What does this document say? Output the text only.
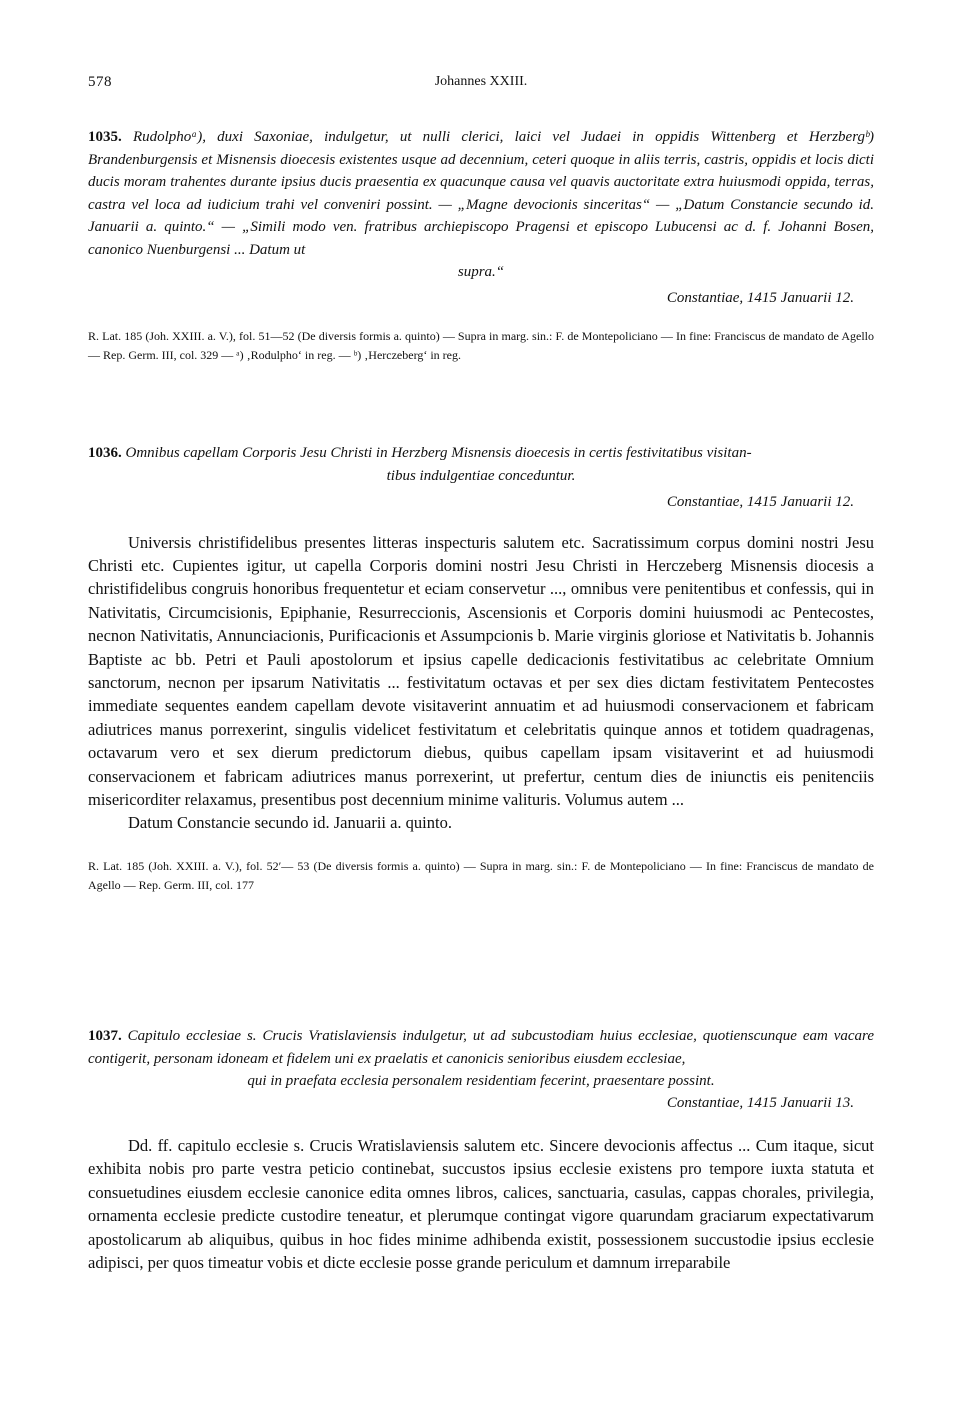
578	Johannes XXIII.

1035. Rudolphoᵃ), duxi Saxoniae, indulgetur, ut nulli clerici, laici vel Judaei in oppidis Wittenberg et Herzbergᵇ) Brandenburgensis et Misnensis dioecesis existentes usque ad decennium, ceteri quoque in aliis terris, castris, oppidis et locis dicti ducis moram trahentes durante ipsius ducis praesentia ex quacunque causa vel quavis auctoritate extra huiusmodi oppida, terras, castra vel loca ad iudicium trahi vel conveniri possint. — „Magne devocionis sinceritas“ — „Datum Constancie secundo id. Januarii a. quinto.“ — „Simili modo ven. fratribus archiepiscopo Pragensi et episcopo Lubucensi ac d. f. Johanni Bosen, canonico Nuenburgensi ... Datum ut

supra.“

Constantiae, 1415 Januarii 12.

R. Lat. 185 (Joh. XXIII. a. V.), fol. 51—52 (De diversis formis a. quinto) — Supra in marg. sin.: F. de Montepoliciano — In fine: Franciscus de mandato de Agello — Rep. Germ. III, col. 329 — ᵃ) ‚Rodulpho‘ in reg. — ᵇ) ‚Herczeberg‘ in reg.

1036. Omnibus capellam Corporis Jesu Christi in Herzberg Misnensis dioecesis in certis festivitatibus visitan-

tibus indulgentiae conceduntur.

Constantiae, 1415 Januarii 12.

Universis christifidelibus presentes litteras inspecturis salutem etc. Sacratissimum corpus domini nostri Jesu Christi etc. Cupientes igitur, ut capella Corporis domini nostri Jesu Christi in Herczeberg Misnensis diocesis a christifidelibus congruis honoribus frequentetur et eciam conservetur ..., omnibus vere penitentibus et confessis, qui in Nativitatis, Circumcisionis, Epiphanie, Resurreccionis, Ascensionis et Corporis domini huiusmodi ac Pentecostes, necnon Nativitatis, Annunciacionis, Purificacionis et Assumpcionis b. Marie virginis gloriose et Nativitatis b. Johannis Baptiste ac bb. Petri et Pauli apostolorum et ipsius capelle dedicacionis festivitatibus ac celebritate Omnium sanctorum, necnon per ipsarum Nativitatis ... festivitatum octavas et per sex dies dictam festivitatem Pentecostes immediate sequentes eandem capellam devote visitaverint annuatim et ad huiusmodi conservacionem et fabricam adiutrices manus porrexerint, singulis videlicet festivitatum et celebritatis quinque annos et totidem quadragenas, octavarum vero et sex dierum predictorum diebus, quibus capellam ipsam visitaverint et ad huiusmodi conservacionem et fabricam adiutrices manus porrexerint, ut prefertur, centum dies de iniunctis eis penitenciis misericorditer relaxamus, presentibus post decennium minime valituris. Volumus autem ...

Datum Constancie secundo id. Januarii a. quinto.

R. Lat. 185 (Joh. XXIII. a. V.), fol. 52′— 53 (De diversis formis a. quinto) — Supra in marg. sin.: F. de Montepoliciano — In fine: Franciscus de mandato de Agello — Rep. Germ. III, col. 177

1037. Capitulo ecclesiae s. Crucis Vratislaviensis indulgetur, ut ad subcustodiam huius ecclesiae, quotienscunque eam vacare contigerit, personam idoneam et fidelem uni ex praelatis et canonicis senioribus eiusdem ecclesiae,

qui in praefata ecclesia personalem residentiam fecerint, praesentare possint.

Constantiae, 1415 Januarii 13.

Dd. ff. capitulo ecclesie s. Crucis Wratislaviensis salutem etc. Sincere devocionis affectus ... Cum itaque, sicut exhibita nobis pro parte vestra peticio continebat, succustos ipsius ecclesie existens pro tempore iuxta statuta et consuetudines eiusdem ecclesie canonice edita omnes libros, calices, sanctuaria, casulas, cappas chorales, privilegia, ornamenta ecclesie predicte custodire teneatur, et plerumque contingat vigore quarundam graciarum expectativarum apostolicarum ab aliquibus, quibus in hoc fides minime adhibenda existit, possessionem succustodie ipsius ecclesie adipisci, per quos timeatur vobis et dicte ecclesie posse grande periculum et damnum irreparabile
